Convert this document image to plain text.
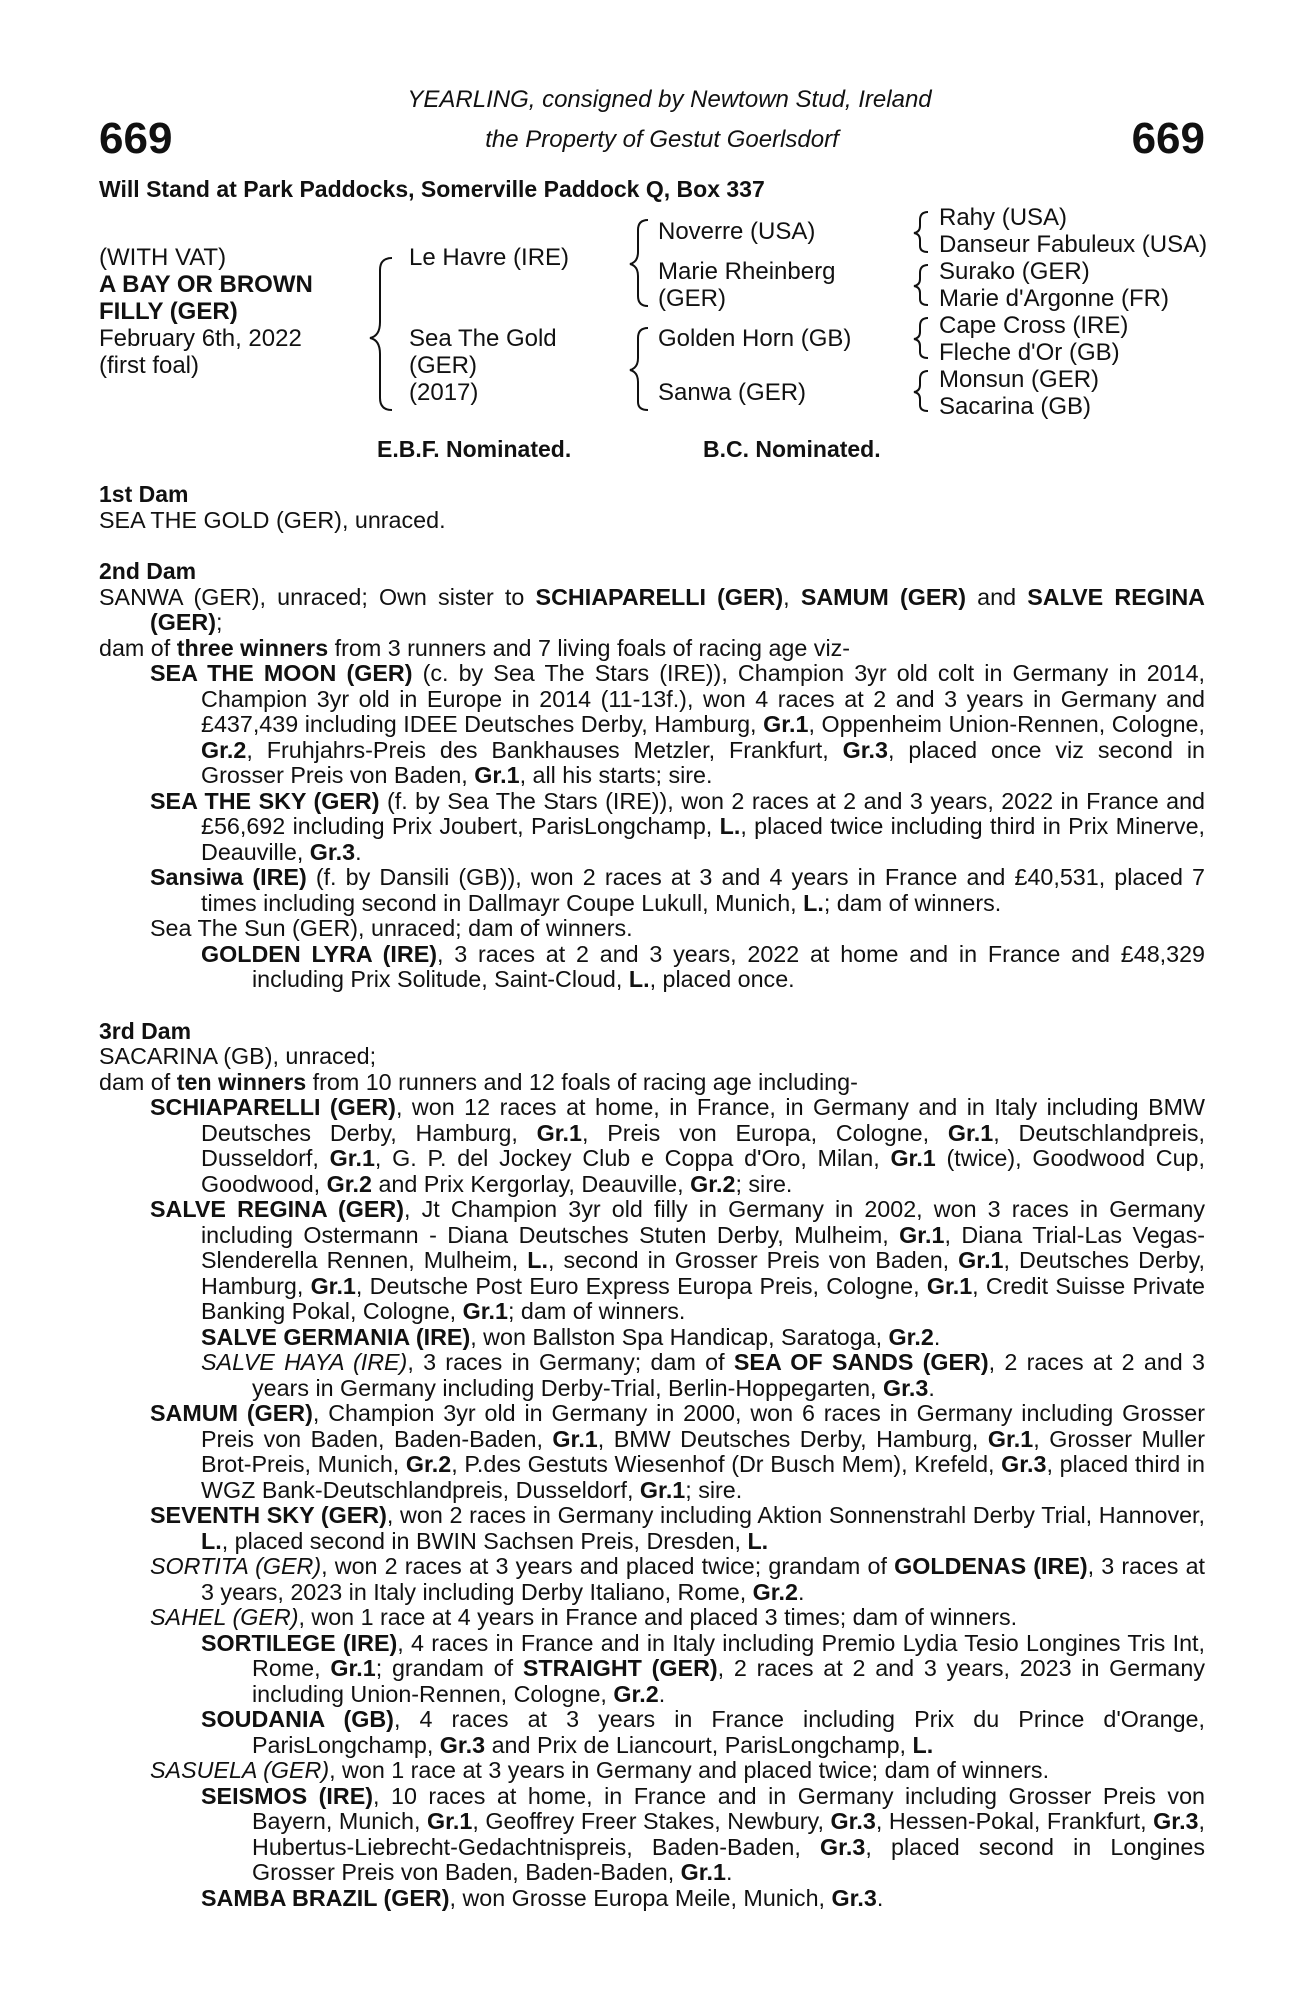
669	669
YEARLING, consigned by Newtown Stud, Ireland
the Property of Gestut Goerlsdorf
Will Stand at Park Paddocks, Somerville Paddock Q, Box 337
(WITH VAT)
A BAY OR BROWN
FILLY (GER)
February 6th, 2022
(first foal)
Le Havre (IRE)
Sea The Gold
(GER)
(2017)
Noverre (USA)
Marie Rheinberg
(GER)
Golden Horn (GB)
Sanwa (GER)
Rahy (USA)
Danseur Fabuleux (USA)
Surako (GER)
Marie d'Argonne (FR)
Cape Cross (IRE)
Fleche d'Or (GB)
Monsun (GER)
Sacarina (GB)
E.B.F. Nominated.	B.C. Nominated.

1st Dam

SEA THE GOLD (GER), unraced.

2nd Dam

SANWA (GER), unraced; Own sister to SCHIAPARELLI (GER), SAMUM (GER) and SALVE REGINA (GER);

dam of three winners from 3 runners and 7 living foals of racing age viz-

SEA THE MOON (GER) (c. by Sea The Stars (IRE)), Champion 3yr old colt in Germany in 2014, Champion 3yr old in Europe in 2014 (11-13f.), won 4 races at 2 and 3 years in Germany and £437,439 including IDEE Deutsches Derby, Hamburg, Gr.1, Oppenheim Union-Rennen, Cologne, Gr.2, Fruhjahrs-Preis des Bankhauses Metzler, Frankfurt, Gr.3, placed once viz second in Grosser Preis von Baden, Gr.1, all his starts; sire.

SEA THE SKY (GER) (f. by Sea The Stars (IRE)), won 2 races at 2 and 3 years, 2022 in France and £56,692 including Prix Joubert, ParisLongchamp, L., placed twice including third in Prix Minerve, Deauville, Gr.3.

Sansiwa (IRE) (f. by Dansili (GB)), won 2 races at 3 and 4 years in France and £40,531, placed 7 times including second in Dallmayr Coupe Lukull, Munich, L.; dam of winners.

Sea The Sun (GER), unraced; dam of winners.

GOLDEN LYRA (IRE), 3 races at 2 and 3 years, 2022 at home and in France and £48,329 including Prix Solitude, Saint-Cloud, L., placed once.

3rd Dam

SACARINA (GB), unraced;

dam of ten winners from 10 runners and 12 foals of racing age including-

SCHIAPARELLI (GER), won 12 races at home, in France, in Germany and in Italy including BMW Deutsches Derby, Hamburg, Gr.1, Preis von Europa, Cologne, Gr.1, Deutschlandpreis, Dusseldorf, Gr.1, G. P. del Jockey Club e Coppa d'Oro, Milan, Gr.1 (twice), Goodwood Cup, Goodwood, Gr.2 and Prix Kergorlay, Deauville, Gr.2; sire.

SALVE REGINA (GER), Jt Champion 3yr old filly in Germany in 2002, won 3 races in Germany including Ostermann - Diana Deutsches Stuten Derby, Mulheim, Gr.1, Diana Trial-Las Vegas-Slenderella Rennen, Mulheim, L., second in Grosser Preis von Baden, Gr.1, Deutsches Derby, Hamburg, Gr.1, Deutsche Post Euro Express Europa Preis, Cologne, Gr.1, Credit Suisse Private Banking Pokal, Cologne, Gr.1; dam of winners.

SALVE GERMANIA (IRE), won Ballston Spa Handicap, Saratoga, Gr.2.

SALVE HAYA (IRE), 3 races in Germany; dam of SEA OF SANDS (GER), 2 races at 2 and 3 years in Germany including Derby-Trial, Berlin-Hoppegarten, Gr.3.

SAMUM (GER), Champion 3yr old in Germany in 2000, won 6 races in Germany including Grosser Preis von Baden, Baden-Baden, Gr.1, BMW Deutsches Derby, Hamburg, Gr.1, Grosser Muller Brot-Preis, Munich, Gr.2, P.des Gestuts Wiesenhof (Dr Busch Mem), Krefeld, Gr.3, placed third in WGZ Bank-Deutschlandpreis, Dusseldorf, Gr.1; sire.

SEVENTH SKY (GER), won 2 races in Germany including Aktion Sonnenstrahl Derby Trial, Hannover, L., placed second in BWIN Sachsen Preis, Dresden, L.

SORTITA (GER), won 2 races at 3 years and placed twice; grandam of GOLDENAS (IRE), 3 races at 3 years, 2023 in Italy including Derby Italiano, Rome, Gr.2.

SAHEL (GER), won 1 race at 4 years in France and placed 3 times; dam of winners.

SORTILEGE (IRE), 4 races in France and in Italy including Premio Lydia Tesio Longines Tris Int, Rome, Gr.1; grandam of STRAIGHT (GER), 2 races at 2 and 3 years, 2023 in Germany including Union-Rennen, Cologne, Gr.2.

SOUDANIA (GB), 4 races at 3 years in France including Prix du Prince d'Orange, ParisLongchamp, Gr.3 and Prix de Liancourt, ParisLongchamp, L.

SASUELA (GER), won 1 race at 3 years in Germany and placed twice; dam of winners.

SEISMOS (IRE), 10 races at home, in France and in Germany including Grosser Preis von Bayern, Munich, Gr.1, Geoffrey Freer Stakes, Newbury, Gr.3, Hessen-Pokal, Frankfurt, Gr.3, Hubertus-Liebrecht-Gedachtnispreis, Baden-Baden, Gr.3, placed second in Longines Grosser Preis von Baden, Baden-Baden, Gr.1.

SAMBA BRAZIL (GER), won Grosse Europa Meile, Munich, Gr.3.
